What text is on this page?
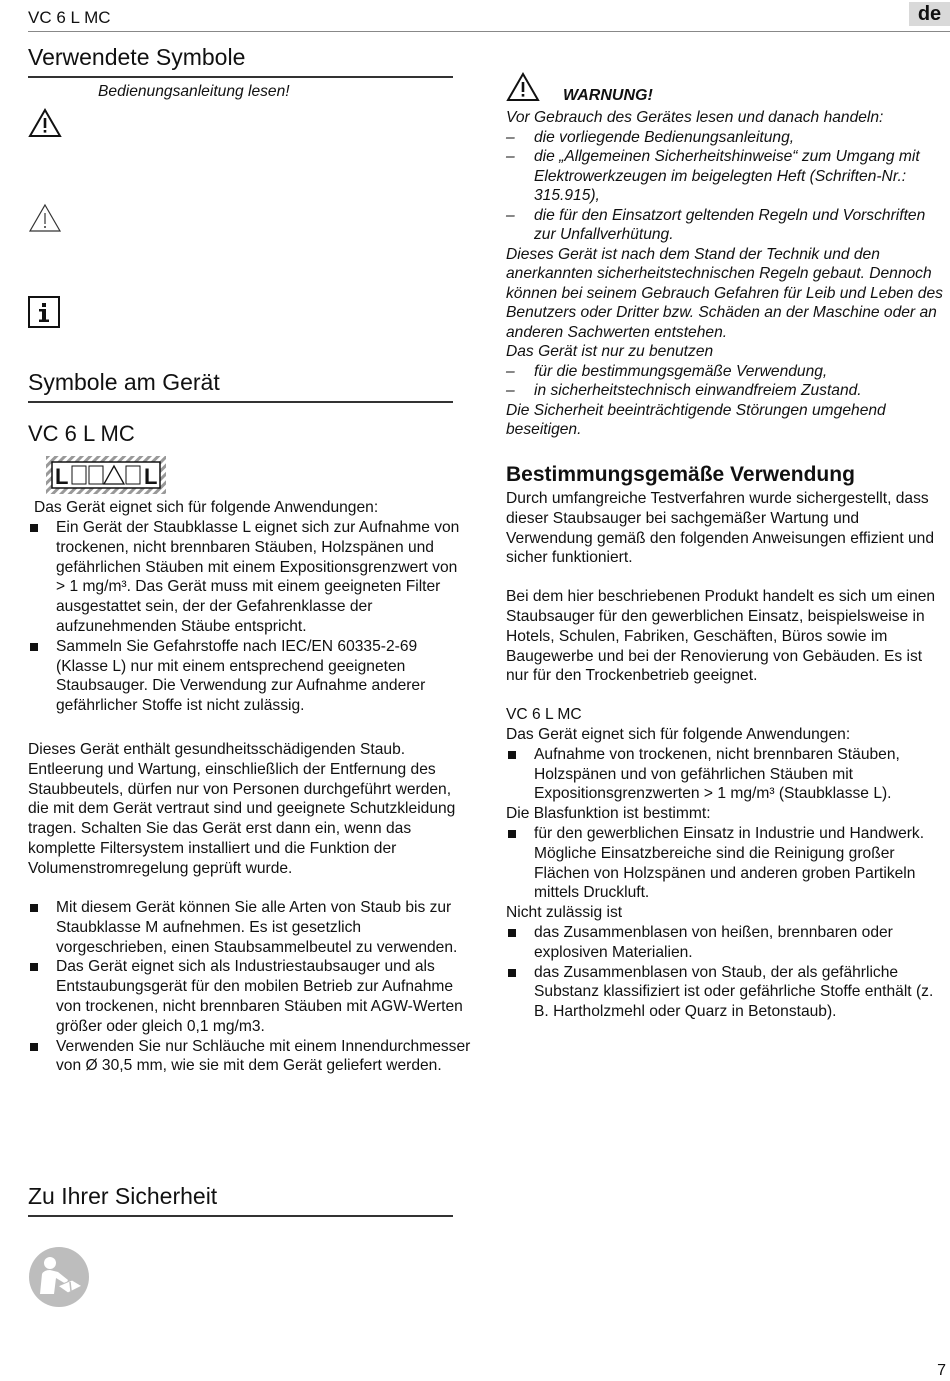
VC 6 L MC	de
Verwendete Symbole
Bedienungsanleitung lesen!
Symbole am Gerät
VC 6 L MC
L	L
Das Gerät eignet sich für folgende Anwendungen:
Ein Gerät der Staubklasse L eignet sich zur Aufnahme von trockenen, nicht brennbaren Stäuben, Holzspänen und gefährlichen Stäuben mit einem Expositionsgrenzwert von > 1 mg/m³. Das Gerät muss mit einem geeigneten Filter ausgestattet sein, der der Gefahrenklasse der aufzunehmenden Stäube entspricht.
Sammeln Sie Gefahrstoffe nach IEC/EN 60335-2-69 (Klasse L) nur mit einem entsprechend geeigneten Staubsauger. Die Verwendung zur Aufnahme anderer gefährlicher Stoffe ist nicht zulässig.

Dieses Gerät enthält gesundheitsschädigenden Staub. Entleerung und Wartung, einschließlich der Entfernung des Staubbeutels, dürfen nur von Personen durchgeführt werden, die mit dem Gerät vertraut sind und geeignete Schutzkleidung tragen. Schalten Sie das Gerät erst dann ein, wenn das komplette Filtersystem installiert und die Funktion der Volumenstromregelung geprüft wurde.

Mit diesem Gerät können Sie alle Arten von Staub bis zur Staubklasse M aufnehmen. Es ist gesetzlich vorgeschrieben, einen Staubsammelbeutel zu verwenden.
Das Gerät eignet sich als Industriestaubsauger und als Entstaubungsgerät für den mobilen Betrieb zur Aufnahme von trockenen, nicht brennbaren Stäuben mit AGW-Werten größer oder gleich 0,1 mg/m3.
Verwenden Sie nur Schläuche mit einem Innendurchmesser von Ø 30,5 mm, wie sie mit dem Gerät geliefert werden.
Zu Ihrer Sicherheit
WARNUNG!

Vor Gebrauch des Gerätes lesen und danach handeln:

– die vorliegende Bedienungsanleitung,
– die „Allgemeinen Sicherheitshinweise“ zum Umgang mit Elektrowerkzeugen im beigelegten Heft (Schriften-Nr.: 315.915),
– die für den Einsatzort geltenden Regeln und Vorschriften zur Unfallverhütung.

Dieses Gerät ist nach dem Stand der Technik und den anerkannten sicherheitstechnischen Regeln gebaut. Dennoch können bei seinem Gebrauch Gefahren für Leib und Leben des Benutzers oder Dritter bzw. Schäden an der Maschine oder an anderen Sachwerten entstehen.

Das Gerät ist nur zu benutzen

– für die bestimmungsgemäße Verwendung,
– in sicherheitstechnisch einwandfreiem Zustand.

Die Sicherheit beeinträchtigende Störungen umgehend beseitigen.

Bestimmungsgemäße Verwendung

Durch umfangreiche Testverfahren wurde sichergestellt, dass dieser Staubsauger bei sachgemäßer Wartung und Verwendung gemäß den folgenden Anweisungen effizient und sicher funktioniert.

Bei dem hier beschriebenen Produkt handelt es sich um einen Staubsauger für den gewerblichen Einsatz, beispielsweise in Hotels, Schulen, Fabriken, Geschäften, Büros sowie im Baugewerbe und bei der Renovierung von Gebäuden. Es ist nur für den Trockenbetrieb geeignet.

VC 6 L MC

Das Gerät eignet sich für folgende Anwendungen:

Aufnahme von trockenen, nicht brennbaren Stäuben, Holzspänen und von gefährlichen Stäuben mit Expositionsgrenzwerten > 1 mg/m³ (Staubklasse L).

Die Blasfunktion ist bestimmt:

für den gewerblichen Einsatz in Industrie und Handwerk. Mögliche Einsatzbereiche sind die Reinigung großer Flächen von Holzspänen und anderen groben Partikeln mittels Druckluft.

Nicht zulässig ist

das Zusammenblasen von heißen, brennbaren oder explosiven Materialien.
das Zusammenblasen von Staub, der als gefährliche Substanz klassifiziert ist oder gefährliche Stoffe enthält (z. B. Hartholzmehl oder Quarz in Betonstaub).
7
